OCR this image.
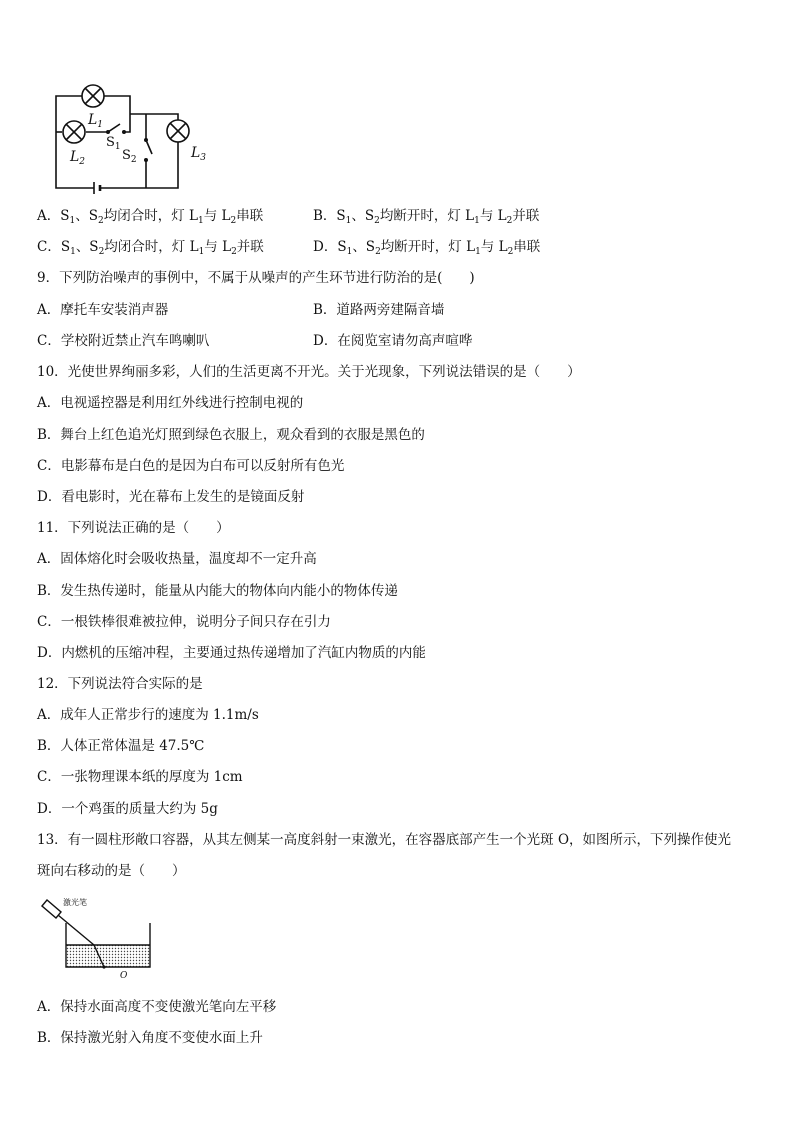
$L_1$
$L_2$
$L_3$
$S_1$
$S_2$
A．$S_1$、$S_2$均闭合时，灯 $L_1$与 $L_2$串联	B．$S_1$、$S_2$均断开时，灯 $L_1$与 $L_2$并联
C．$S_1$、$S_2$均闭合时，灯 $L_1$与 $L_2$并联	D．$S_1$、$S_2$均断开时，灯 $L_1$与 $L_2$串联
9．下列防治噪声的事例中，不属于从噪声的产生环节进行防治的是(　　)
A．摩托车安装消声器	B．道路两旁建隔音墙
C．学校附近禁止汽车鸣喇叭	D．在阅览室请勿高声喧哗
10．光使世界绚丽多彩，人们的生活更离不开光。关于光现象，下列说法错误的是（　　）
A．电视遥控器是利用红外线进行控制电视的
B．舞台上红色追光灯照到绿色衣服上，观众看到的衣服是黑色的
C．电影幕布是白色的是因为白布可以反射所有色光
D．看电影时，光在幕布上发生的是镜面反射
11．下列说法正确的是（　　）
A．固体熔化时会吸收热量，温度却不一定升高
B．发生热传递时，能量从内能大的物体向内能小的物体传递
C．一根铁棒很难被拉伸，说明分子间只存在引力
D．内燃机的压缩冲程，主要通过热传递增加了汽缸内物质的内能
12．下列说法符合实际的是
A．成年人正常步行的速度为 1.1m/s
B．人体正常体温是 47.5℃
C．一张物理课本纸的厚度为 1cm
D．一个鸡蛋的质量大约为 5g
13．有一圆柱形敞口容器，从其左侧某一高度斜射一束激光，在容器底部产生一个光斑 O，如图所示，下列操作使光
斑向右移动的是（　　）
激光笔
O
A．保持水面高度不变使激光笔向左平移
B．保持激光射入角度不变使水面上升
